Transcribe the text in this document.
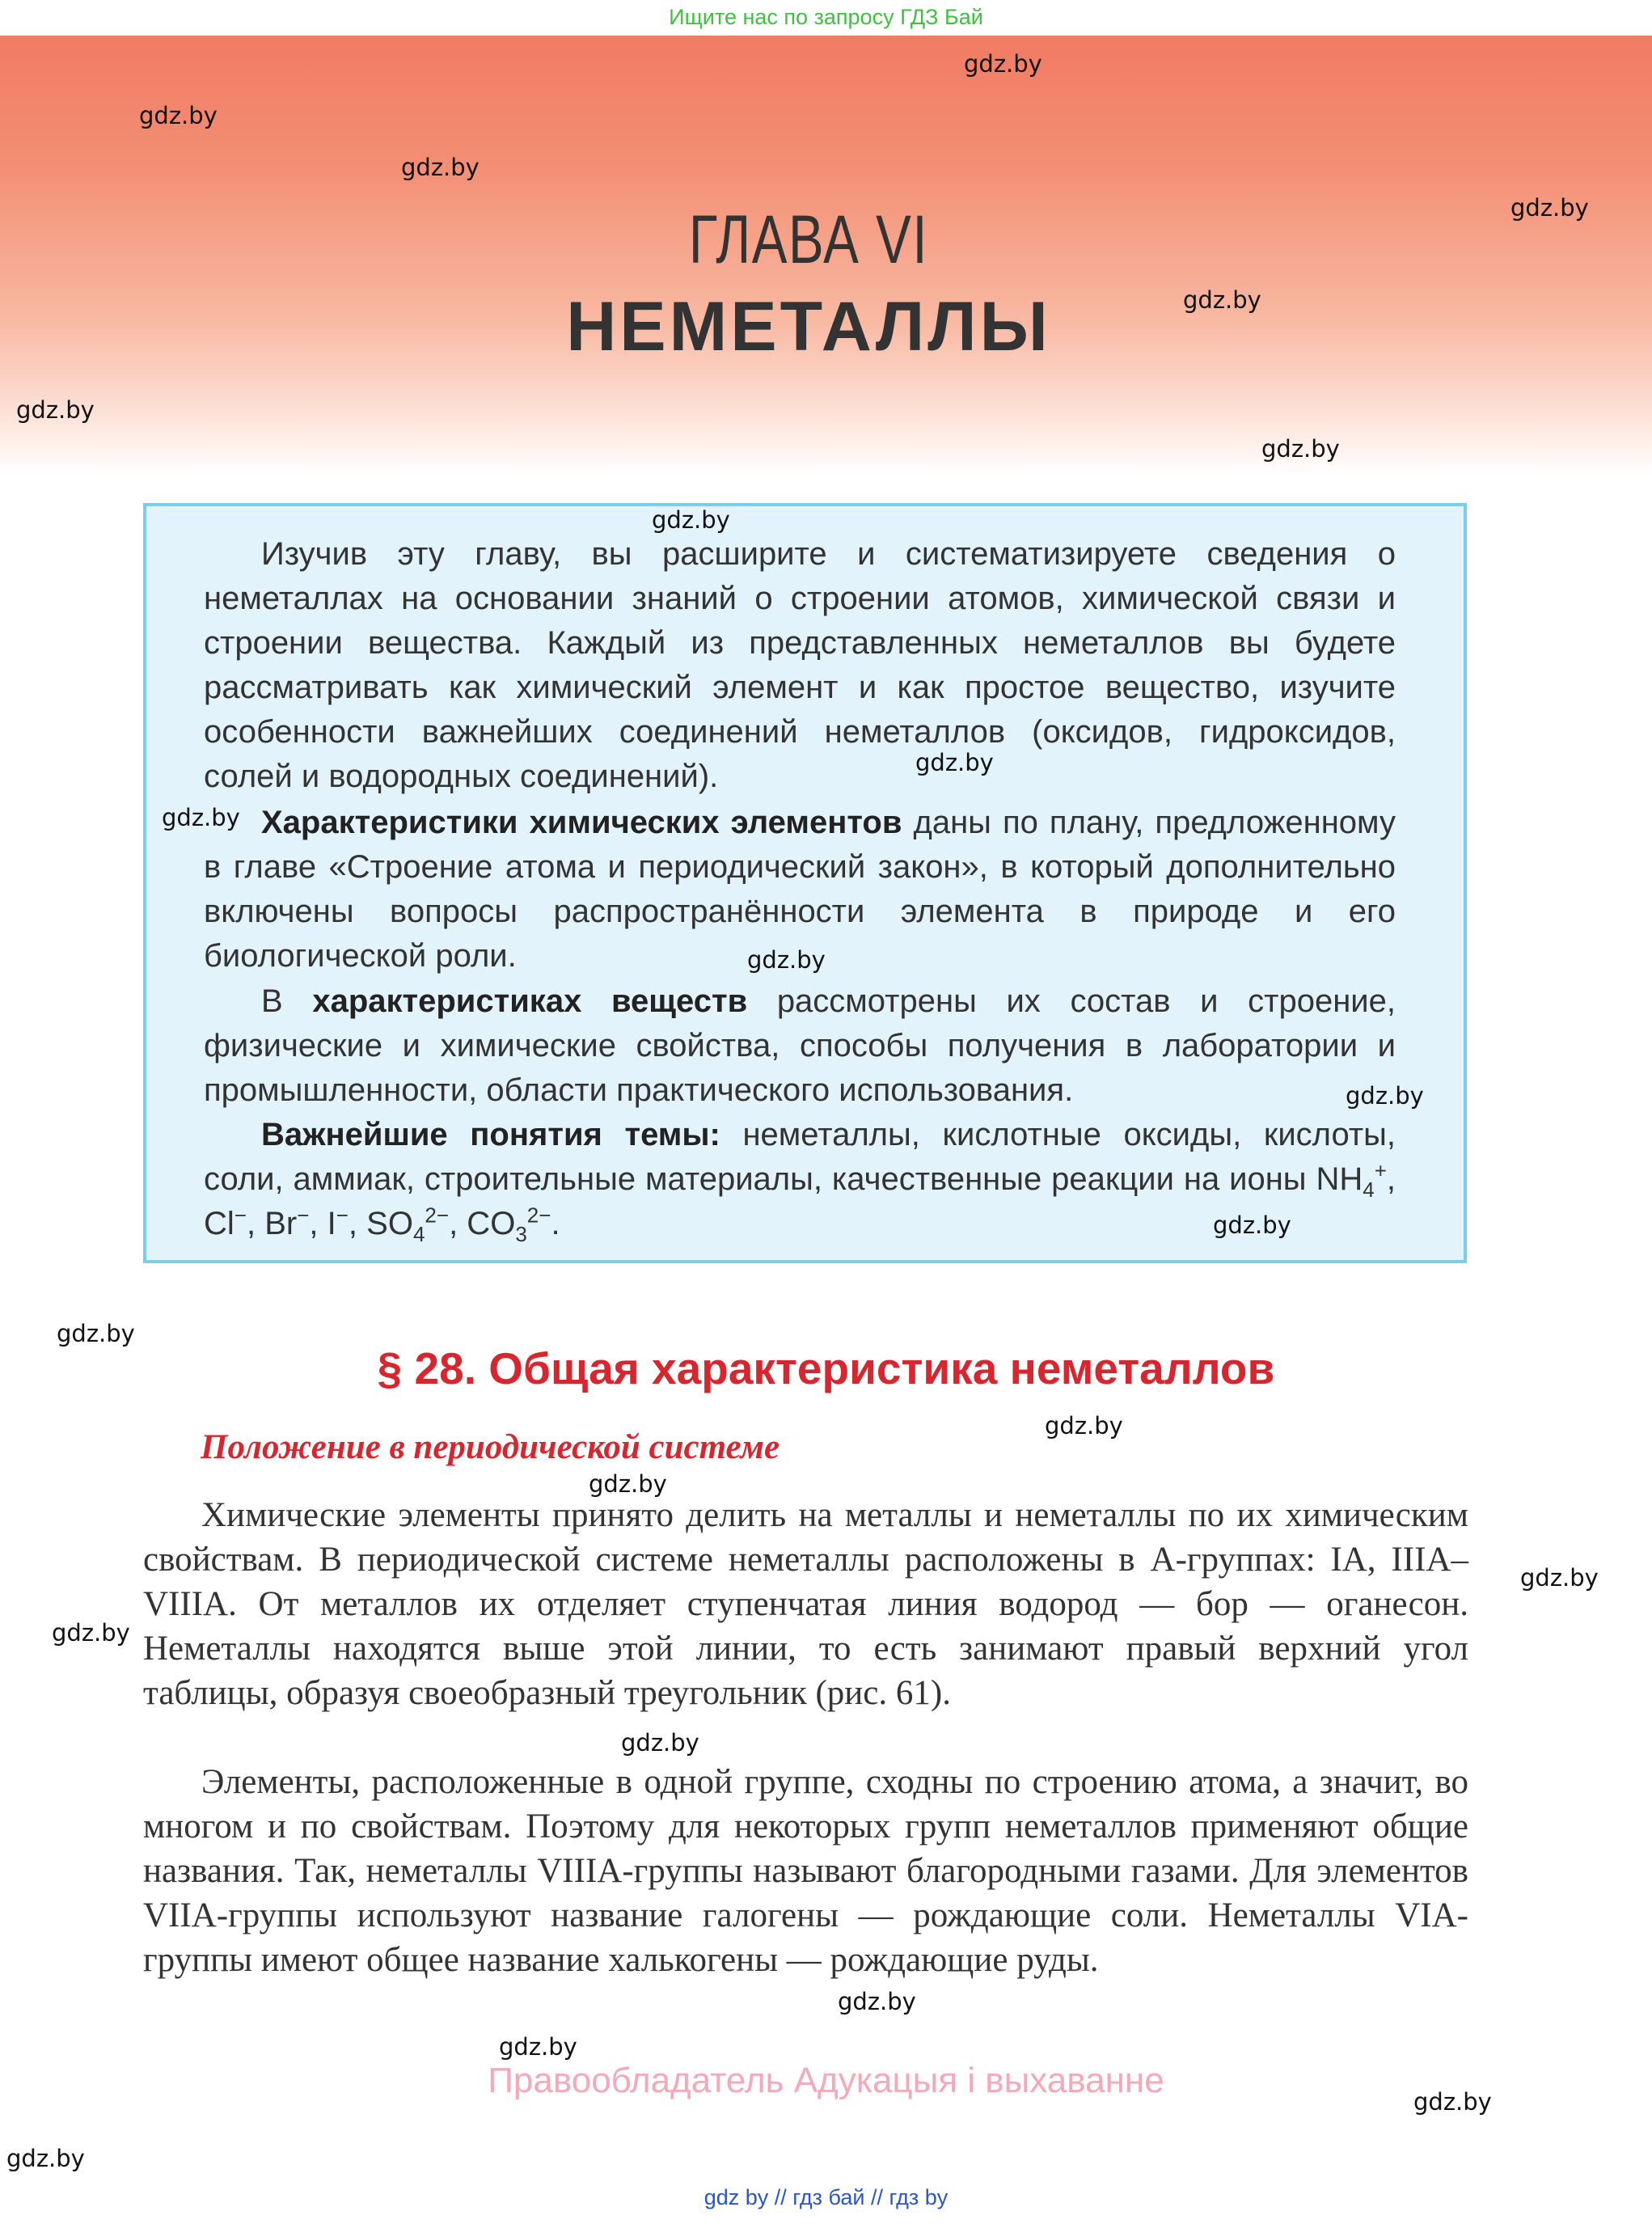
Ищите нас по запросу ГДЗ Бай
ГЛАВА VI
НЕМЕТАЛЛЫ

Изучив эту главу, вы расширите и систематизируете сведения о неметаллах на основании знаний о строении атомов, химической связи и строении вещества. Каждый из представленных неметаллов вы будете рассматривать как химический элемент и как простое вещество, изучите особенности важнейших соединений неметаллов (оксидов, гидроксидов, солей и водородных соединений).

Характеристики химических элементов даны по плану, предложенному в главе «Строение атома и периодический закон», в который дополнительно включены вопросы распространённости элемента в природе и его биологической роли.

В характеристиках веществ рассмотрены их состав и строение, физические и химические свойства, способы получения в лаборатории и промышленности, области практического использования.

Важнейшие понятия темы: неметаллы, кислотные оксиды, кислоты, соли, аммиак, строительные материалы, качественные реакции на ионы $NH_4^+$, Cl−, Br−, I−, $SO_4^{2-}$, $CO_3^{2-}$.

§ 28. Общая характеристика неметаллов
Положение в периодической системе

Химические элементы принято делить на металлы и неметаллы по их химическим свойствам. В периодической системе неметаллы расположены в А-группах: IA, IIIA–VIIIA. От металлов их отделяет ступенчатая линия водород — бор — оганесон. Неметаллы находятся выше этой линии, то есть занимают правый верхний угол таблицы, образуя своеобразный треугольник (рис. 61).

Элементы, расположенные в одной группе, сходны по строению атома, а значит, во многом и по свойствам. Поэтому для некоторых групп неметаллов применяют общие названия. Так, неметаллы VIIIA-группы называют благородными газами. Для элементов VIIA-группы используют название галогены — рождающие соли. Неметаллы VIA-группы имеют общее название халькогены — рождающие руды.

Правообладатель Адукацыя і выхаванне
gdz by // гдз бай // гдз by
gdz.by
gdz.by
gdz.by
gdz.by
gdz.by
gdz.by
gdz.by
gdz.by
gdz.by
gdz.by
gdz.by
gdz.by
gdz.by
gdz.by
gdz.by
gdz.by
gdz.by
gdz.by
gdz.by
gdz.by
gdz.by
gdz.by
gdz.by
